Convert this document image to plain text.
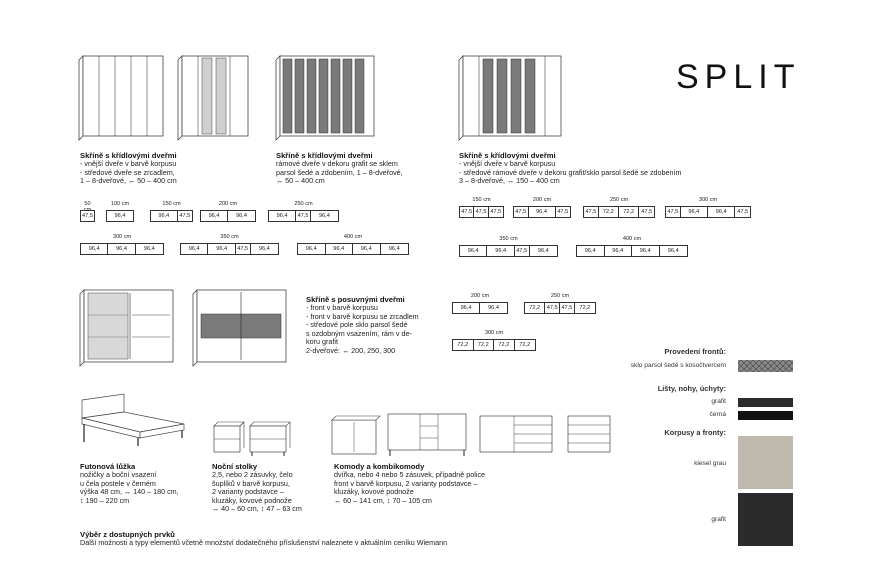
SPLIT
Skříně s křídlovými dveřmi
- vnější dveře v barvě korpusu
- středové dveře se zrcadlem,
1 – 8-dveřové, ↔ 50 – 400 cm
Skříně s křídlovými dveřmi
rámové dveře v dekoru grafit se sklem
parsol šedé a zdobením, 1 – 8-dveřové,
↔ 50 – 400 cm
Skříně s křídlovými dveřmi
- vnější dveře v barvě korpusu
- středové rámové dveře v dekoru grafit/sklo parsol šedé se zdobením
3 – 8-dveřové, ↔ 150 – 400 cm
50 cm
47,5
100 cm
96,4
150 cm
96,4	47,5
200 cm
96,4	96,4
250 cm
96,4	47,5	96,4
300 cm
96,4	96,4	96,4
350 cm
96,4	96,4	47,5	96,4
400 cm
96,4	96,4	96,4	96,4
150 cm
47,5 47,5 47,5
200 cm
47,5	96,4	47,5
250 cm
47,5	72,2	72,2	47,5
300 cm
47,5	96,4	96,4	47,5
350 cm
96,4	96,4	47,5	96,4
400 cm
96,4	96,4	96,4	96,4
200 cm
96,4	96,4
250 cm
72,2	47,5 47,5	72,2
300 cm
72,2	72,2	72,2	72,2
Skříně s posuvnými dveřmi
- front v barvě korpusu
- front v barvě korpusu se zrcadlem
- středové pole sklo parsol šedé
s ozdobným vsazením, rám v de-
koru grafit
2-dveřové: ↔ 200, 250, 300
Futonová lůžka
nožičky a boční vsazení
u čela postele v černém
výška 48 cm, ↔ 140 – 180 cm,
↕ 190 – 220 cm
Noční stolky
2,5, nebo 2 zásuvky, čelo
šuplíků v barvě korpusu,
2 varianty podstavce –
kluzáky, kovové podnože
↔ 40 – 60 cm, ↕ 47 – 63 cm
Komody a kombikomody
dvířka, nebo 4 nebo 5 zásuvek, případně police
front v barvě korpusu, 2 varianty podstavce –
kluzáky, kovové podnože
↔ 60 – 141 cm, ↕ 70 – 105 cm
Výběr z dostupných prvků
Další možnosti a typy elementů včetně množství dodatečného příslušenství naleznete v aktuálním ceníku Wiemann
Provedení frontů:
sklo parsol šedé s kosočtvercem
Lišty, nohy, úchyty:
grafit
černá
Korpusy a fronty:
kiesel grau
grafit
